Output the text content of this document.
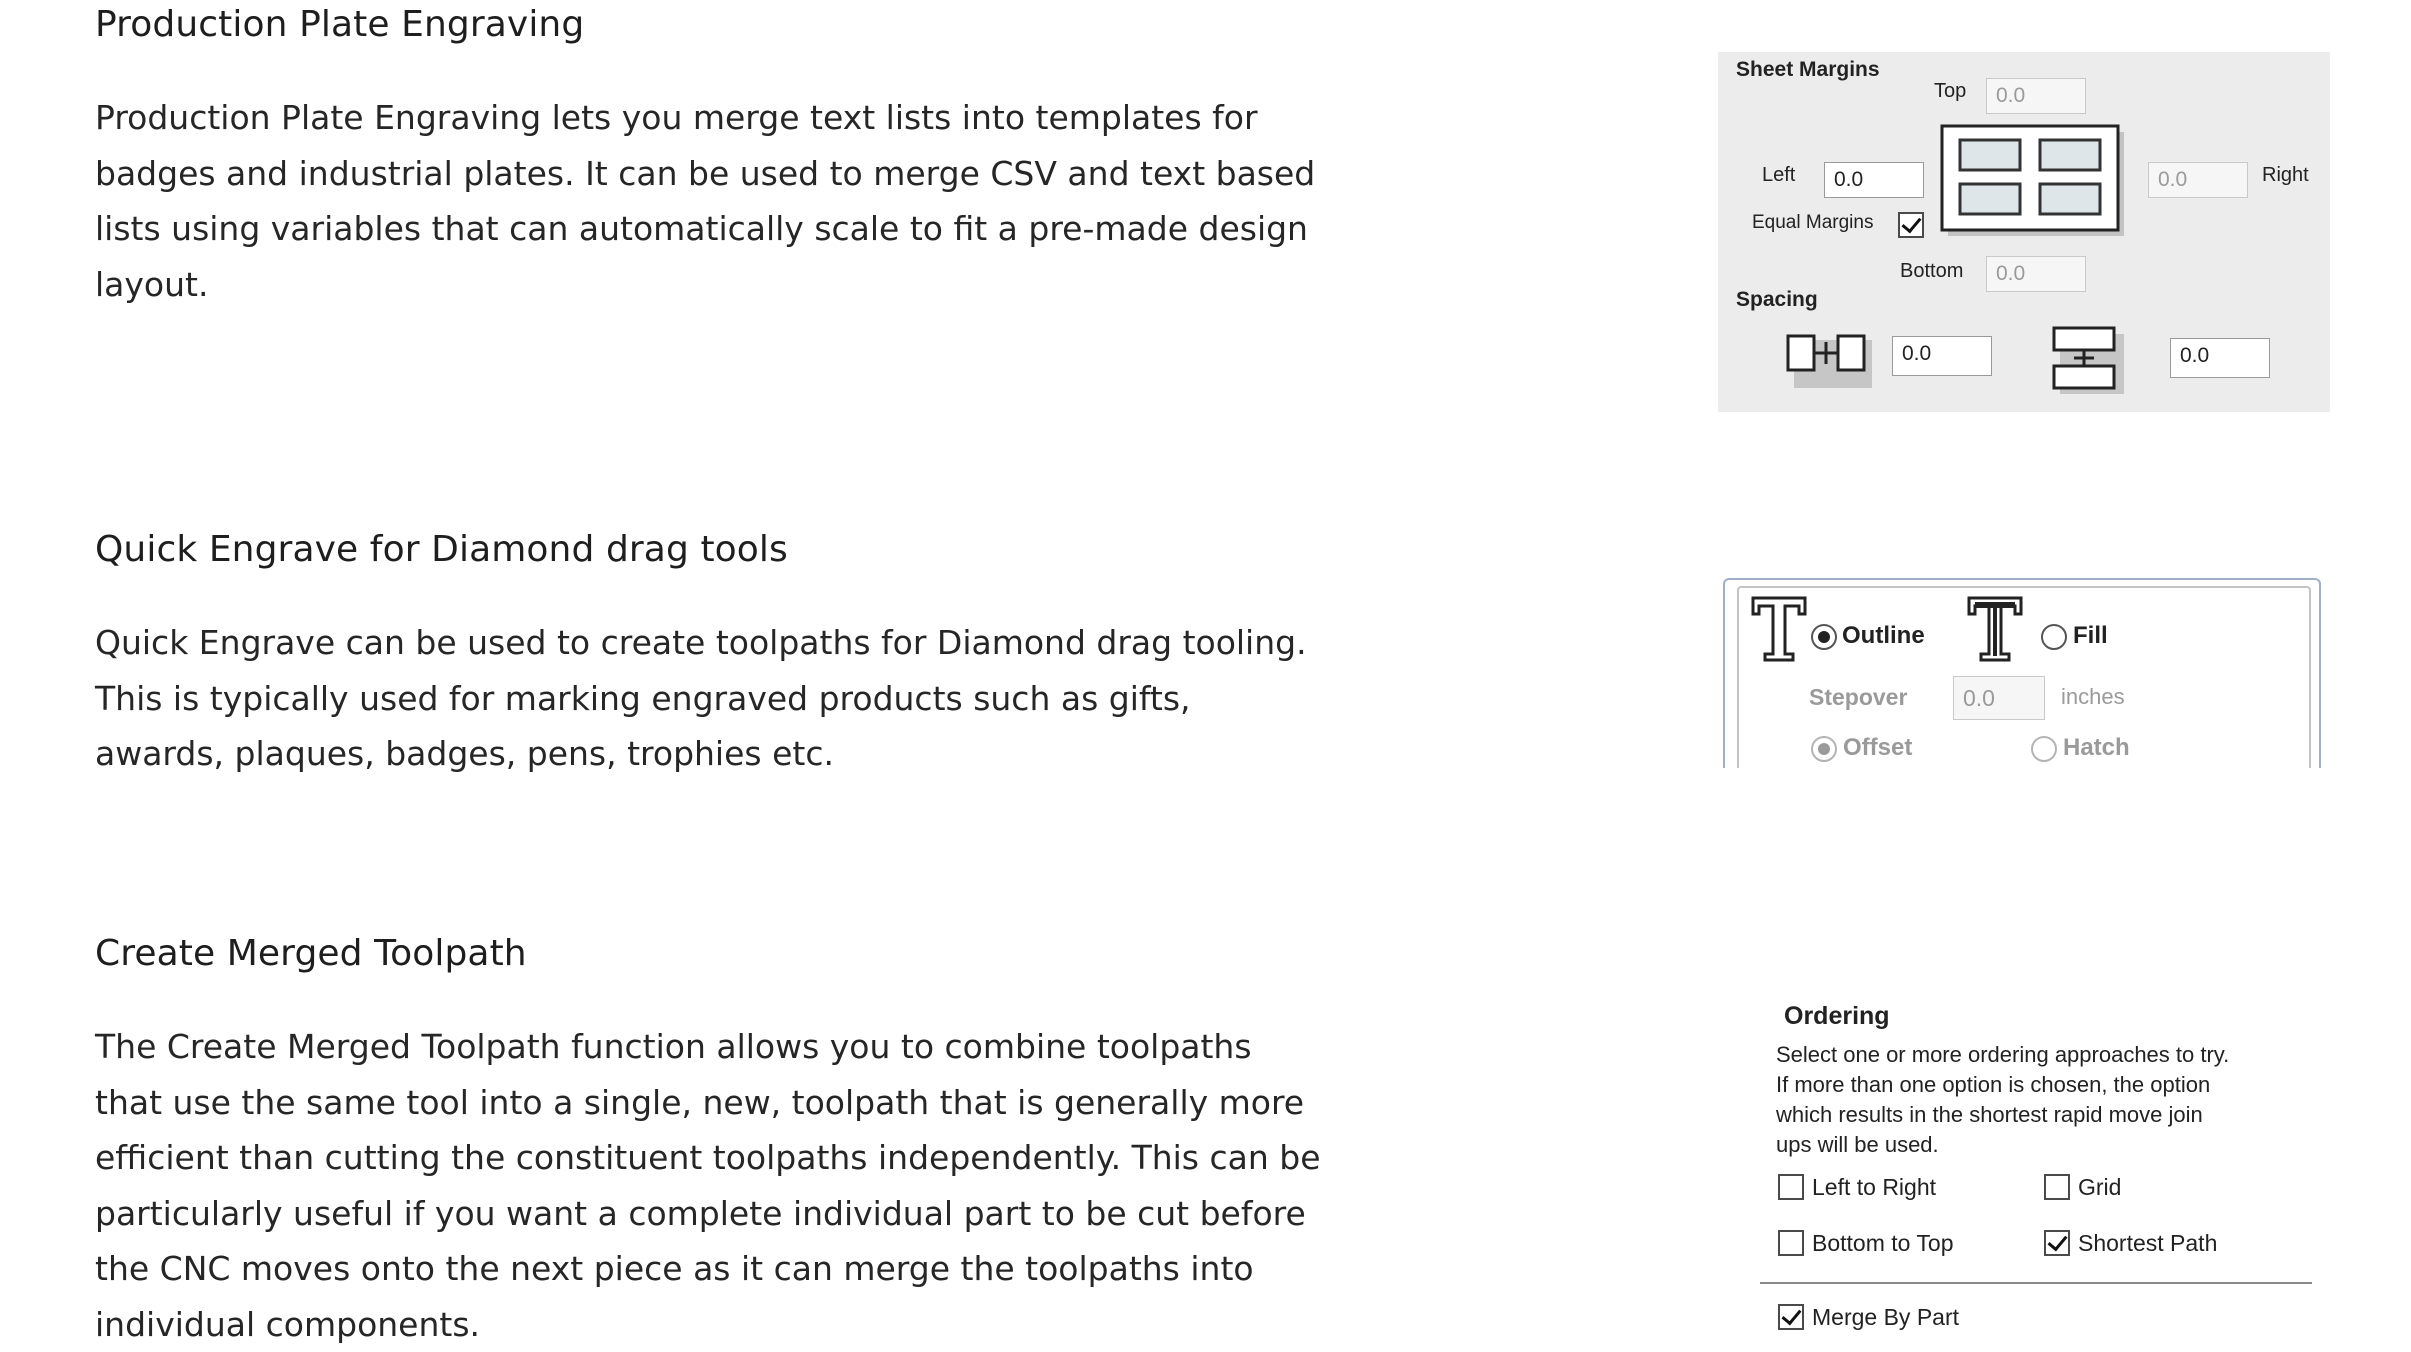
Production Plate Engraving
Production Plate Engraving lets you merge text lists into templates for
badges and industrial plates. It can be used to merge CSV and text based
lists using variables that can automatically scale to fit a pre-made design
layout.
Quick Engrave for Diamond drag tools
Quick Engrave can be used to create toolpaths for Diamond drag tooling.
This is typically used for marking engraved products such as gifts,
awards, plaques, badges, pens, trophies etc.
Create Merged Toolpath
The Create Merged Toolpath function allows you to combine toolpaths
that use the same tool into a single, new, toolpath that is generally more
efficient than cutting the constituent toolpaths independently. This can be
particularly useful if you want a complete individual part to be cut before
the CNC moves onto the next piece as it can merge the toolpaths into
individual components.
Sheet Margins
Top	0.0
Left	0.0
Equal Margins
0.0	Right
Bottom	0.0
Spacing
0.0	0.0
Outline	Fill
Stepover	0.0	inches
Offset	Hatch
Ordering
Select one or more ordering approaches to try.
If more than one option is chosen, the option
which results in the shortest rapid move join
ups will be used.
Left to Right	Grid
Bottom to Top	Shortest Path
Merge By Part
